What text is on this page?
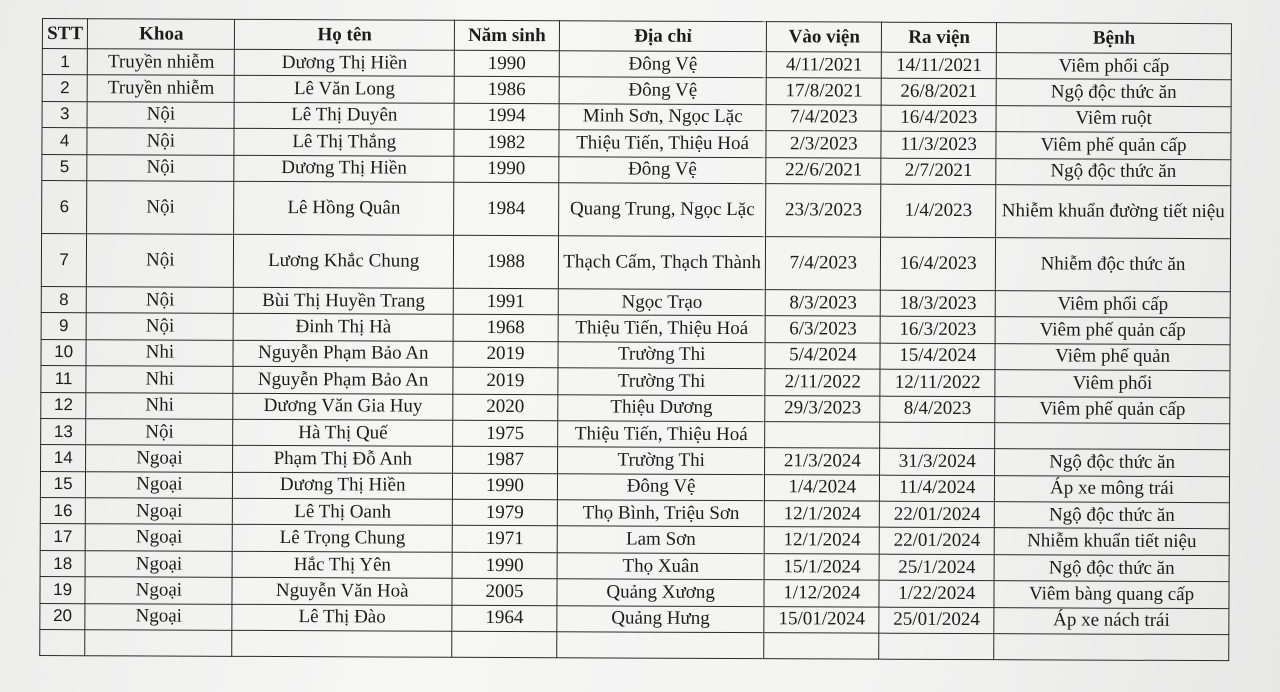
STT	Khoa	Họ tên	Năm sinh	Địa chỉ	Vào viện	Ra viện	Bệnh
1	Truyền nhiễm	Dương Thị Hiền	1990	Đông Vệ	4/11/2021	14/11/2021	Viêm phổi cấp
2	Truyền nhiễm	Lê Văn Long	1986	Đông Vệ	17/8/2021	26/8/2021	Ngộ độc thức ăn
3	Nội	Lê Thị Duyên	1994	Minh Sơn, Ngọc Lặc	7/4/2023	16/4/2023	Viêm ruột
4	Nội	Lê Thị Thắng	1982	Thiệu Tiến, Thiệu Hoá	2/3/2023	11/3/2023	Viêm phế quản cấp
5	Nội	Dương Thị Hiền	1990	Đông Vệ	22/6/2021	2/7/2021	Ngộ độc thức ăn
6	Nội	Lê Hồng Quân	1984	Quang Trung, Ngọc Lặc	23/3/2023	1/4/2023	Nhiễm khuẩn đường tiết niệu
7	Nội	Lương Khắc Chung	1988	Thạch Cẩm, Thạch Thành	7/4/2023	16/4/2023	Nhiễm độc thức ăn
8	Nội	Bùi Thị Huyền Trang	1991	Ngọc Trạo	8/3/2023	18/3/2023	Viêm phổi cấp
9	Nội	Đinh Thị Hà	1968	Thiệu Tiến, Thiệu Hoá	6/3/2023	16/3/2023	Viêm phế quản cấp
10	Nhi	Nguyễn Phạm Bảo An	2019	Trường Thi	5/4/2024	15/4/2024	Viêm phế quản
11	Nhi	Nguyễn Phạm Bảo An	2019	Trường Thi	2/11/2022	12/11/2022	Viêm phổi
12	Nhi	Dương Văn Gia Huy	2020	Thiệu Dương	29/3/2023	8/4/2023	Viêm phế quản cấp
13	Nội	Hà Thị Quế	1975	Thiệu Tiến, Thiệu Hoá			
14	Ngoại	Phạm Thị Đỗ Anh	1987	Trường Thi	21/3/2024	31/3/2024	Ngộ độc thức ăn
15	Ngoại	Dương Thị Hiền	1990	Đông Vệ	1/4/2024	11/4/2024	Áp xe mông trái
16	Ngoại	Lê Thị Oanh	1979	Thọ Bình, Triệu Sơn	12/1/2024	22/01/2024	Ngộ độc thức ăn
17	Ngoại	Lê Trọng Chung	1971	Lam Sơn	12/1/2024	22/01/2024	Nhiễm khuẩn tiết niệu
18	Ngoại	Hắc Thị Yên	1990	Thọ Xuân	15/1/2024	25/1/2024	Ngộ độc thức ăn
19	Ngoại	Nguyễn Văn Hoà	2005	Quảng Xương	1/12/2024	1/22/2024	Viêm bàng quang cấp
20	Ngoại	Lê Thị Đào	1964	Quảng Hưng	15/01/2024	25/01/2024	Áp xe nách trái
